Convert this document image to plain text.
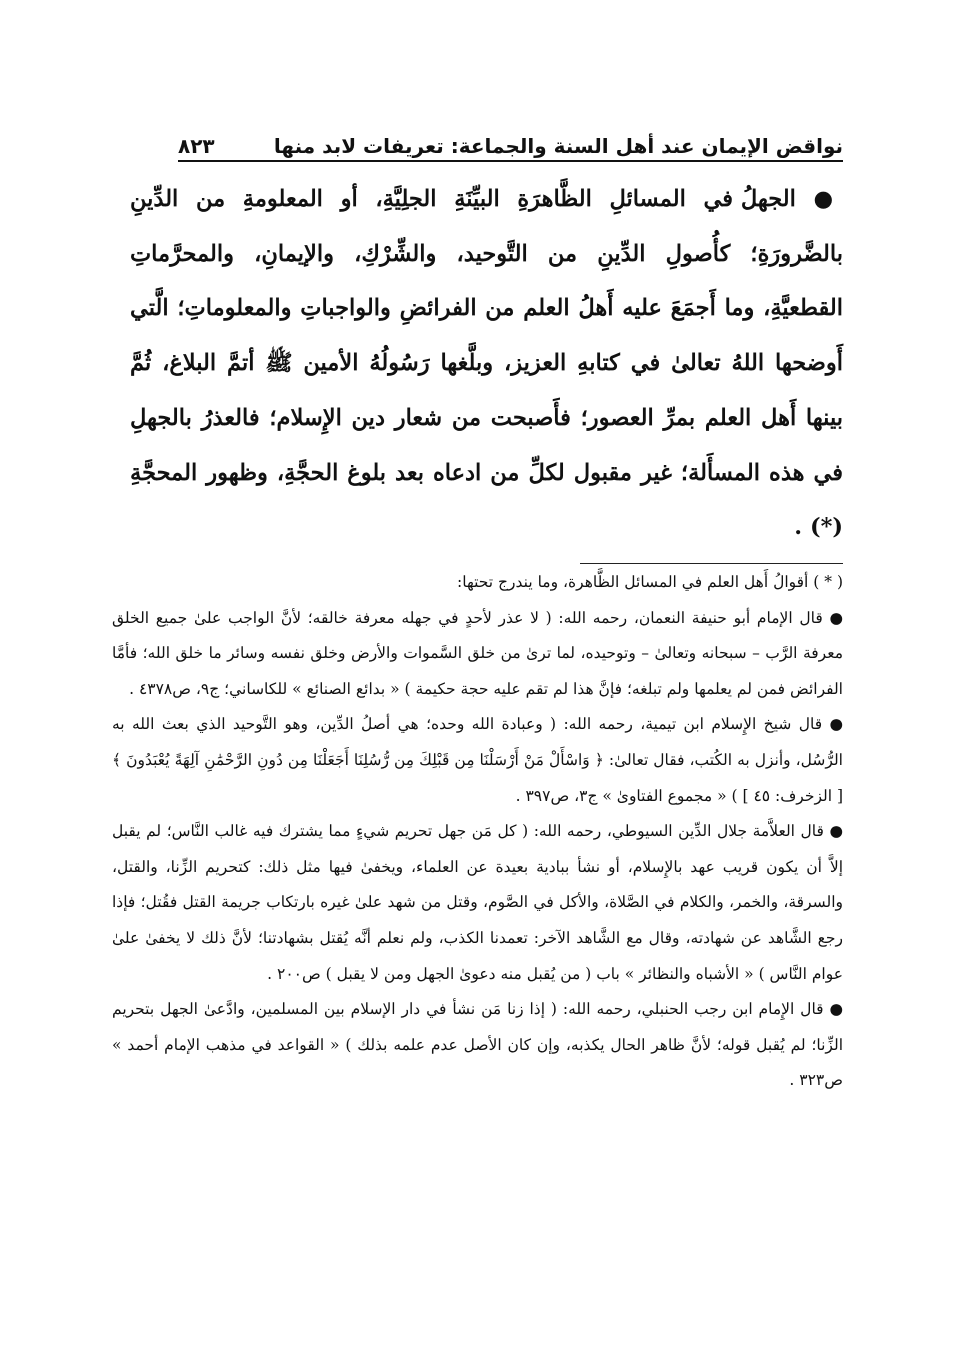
نواقض الإيمان عند أهل السنة والجماعة: تعريفات لابد منها
٨٢٣
● الجهلُ في المسائلِ الظَّاهرَةِ البيِّنَةِ الجلِيَّةِ، أو المعلومةِ من الدِّينِ بالضَّرورَةِ؛ كأُصولِ الدِّينِ من التَّوحيد، والشِّرْكِ، والإيمانِ، والمحرَّماتِ القطعيَّةِ، وما أَجمَعَ عليه أَهلُ العلم من الفرائضِ والواجباتِ والمعلوماتِ؛ الَّتي أَوضحها اللهُ تعالىٰ في كتابهِ العزيز، وبلَّغها رَسُولُهُ الأمين ﷺ أتمَّ البلاغ، ثُمَّ بينها أَهل العلم بمرِّ العصور؛ فأَصبحت من شعار دين الإِسلام؛ فالعذرُ بالجهلِ في هذه المسأَلة؛ غير مقبول لكلِّ من ادعاه بعد بلوغ الحجَّةِ، وظهور المحجَّةِ (*) .

( * ) أقوالُ أَهل العلم في المسائل الظَّاهرة، وما يندرج تحتها:

● قال الإمام أبو حنيفة النعمان، رحمه الله: ( لا عذر لأحدٍ في جهله معرفة خالقه؛ لأنَّ الواجب علىٰ جميع الخلق معرفة الرَّب – سبحانه وتعالىٰ – وتوحيده، لما ترىٰ من خلق السَّموات والأرض وخلق نفسه وسائر ما خلق الله؛ فأمَّا الفرائض فمن لم يعلمها ولم تبلغه؛ فإنَّ هذا لم تقم عليه حجة حكيمة ) « بدائع الصنائع » للكاساني؛ ج٩، ص٤٣٧٨ .

● قال شيخ الإِسلام ابن تيمية، رحمه الله: ( وعبادة الله وحده؛ هي أصلُ الدِّين، وهو التَّوحيد الذي بعث الله به الرُّسُل، وأنزل به الكُتب، فقال تعالىٰ: ﴿ وَاسْأَلْ مَنْ أَرْسَلْنَا مِن قَبْلِكَ مِن رُّسُلِنَا أَجَعَلْنَا مِن دُونِ الرَّحْمَٰنِ آلِهَةً يُعْبَدُونَ ﴾ [ الزخرف: ٤٥ ] ) « مجموع الفتاوىٰ » ج٣، ص٣٩٧ .

● قال العلاَّمة جلال الدِّين السيوطي، رحمه الله: ( كل مَن جهل تحريم شيءٍ مما يشترك فيه غالب النَّاس؛ لم يقبل إلاَّ أن يكون قريب عهد بالإِسلام، أو نشأ ببادية بعيدة عن العلماء، ويخفىٰ فيها مثل ذلك: كتحريم الزِّنا، والقتل، والسرقة، والخمر، والكلام في الصَّلاة، والأكل في الصَّوم، وقتل من شهد علىٰ غيره بارتكاب جريمة القتل فقُتل؛ فإذا رجع الشَّاهد عن شهادته، وقال مع الشَّاهد الآخر: تعمدنا الكذب، ولم نعلم أنَّه يُقتل بشهادتنا؛ لأنَّ ذلك لا يخفىٰ علىٰ عوام النَّاس ) « الأشباه والنظائر » باب ( من يُقبل منه دعوىٰ الجهل ومن لا يقبل ) ص٢٠٠ .

● قال الإِمام ابن رجب الحنبلي، رحمه الله: ( إذا زنا مَن نشأ في دار الإسلام بين المسلمين، وادَّعىٰ الجهل بتحريم الزِّنا؛ لم يُقبل قوله؛ لأنَّ ظاهر الحال يكذبه، وإن كان الأصل عدم علمه بذلك ) « القواعد في مذهب الإمام أحمد » ص٣٢٣ .
